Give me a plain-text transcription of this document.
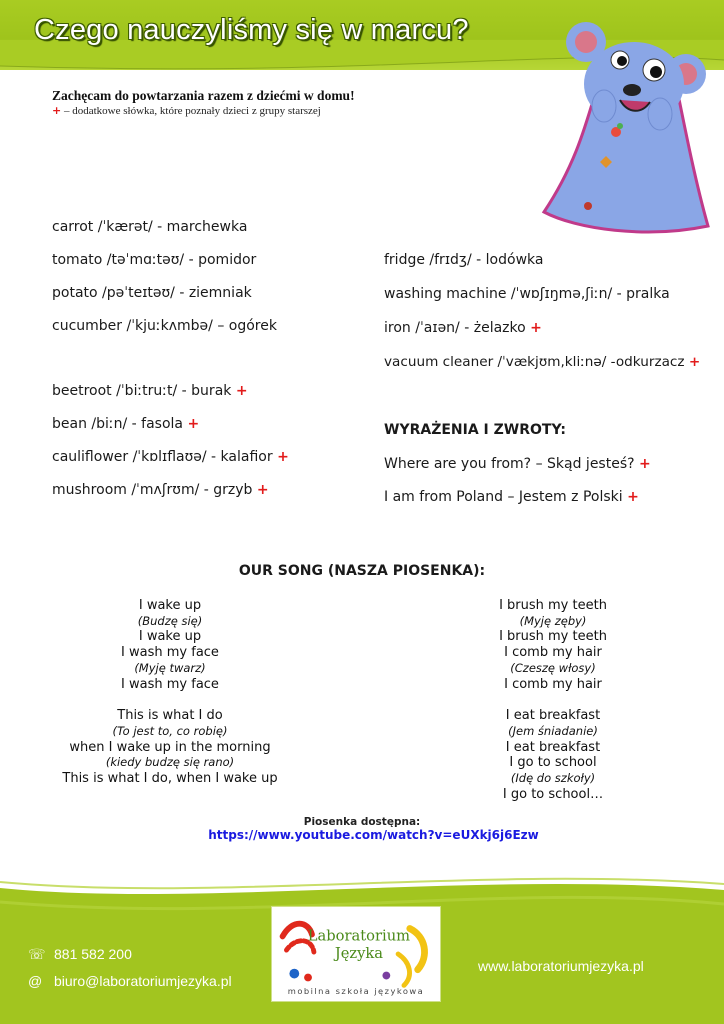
Czego nauczyliśmy się w marcu?
Zachęcam do powtarzania razem z dziećmi w domu!
+ – dodatkowe słówka, które poznały dzieci z grupy starszej
carrot /ˈkærət/ - marchewka
tomato /təˈmɑːtəʊ/ - pomidor
potato /pəˈteɪtəʊ/ - ziemniak
cucumber /ˈkjuːkʌmbə/ – ogórek
beetroot /ˈbiːtruːt/ - burak +
bean /biːn/ - fasola +
cauliflower /ˈkɒlɪflaʊə/ - kalafior +
mushroom /ˈmʌʃrʊm/ - grzyb +
fridge /frɪdʒ/ - lodówka
washing machine /ˈwɒʃɪŋmə,ʃiːn/ - pralka
iron /ˈaɪən/ - żelazko +
vacuum cleaner /ˈvækjʊm,kliːnə/ -odkurzacz +
WYRAŻENIA I ZWROTY:
Where are you from? – Skąd jesteś? +
I am from Poland – Jestem z Polski +
OUR SONG (NASZA PIOSENKA):
I wake up
(Budzę się)
I wake up
I wash my face
(Myję twarz)
I wash my face
This is what I do
(To jest to, co robię)
when I wake up in the morning
(kiedy budzę się rano)
This is what I do, when I wake up
I brush my teeth
(Myję zęby)
I brush my teeth
I comb my hair
(Czeszę włosy)
I comb my hair
I eat breakfast
(Jem śniadanie)
I eat breakfast
I go to school
(Idę do szkoły)
I go to school…
Piosenka dostępna:
https://www.youtube.com/watch?v=eUXkj6j6Ezw
☏ 881 582 200
@ biuro@laboratoriumjezyka.pl
Laboratorium
Języka
mobilna szkoła językowa
www.laboratoriumjezyka.pl
